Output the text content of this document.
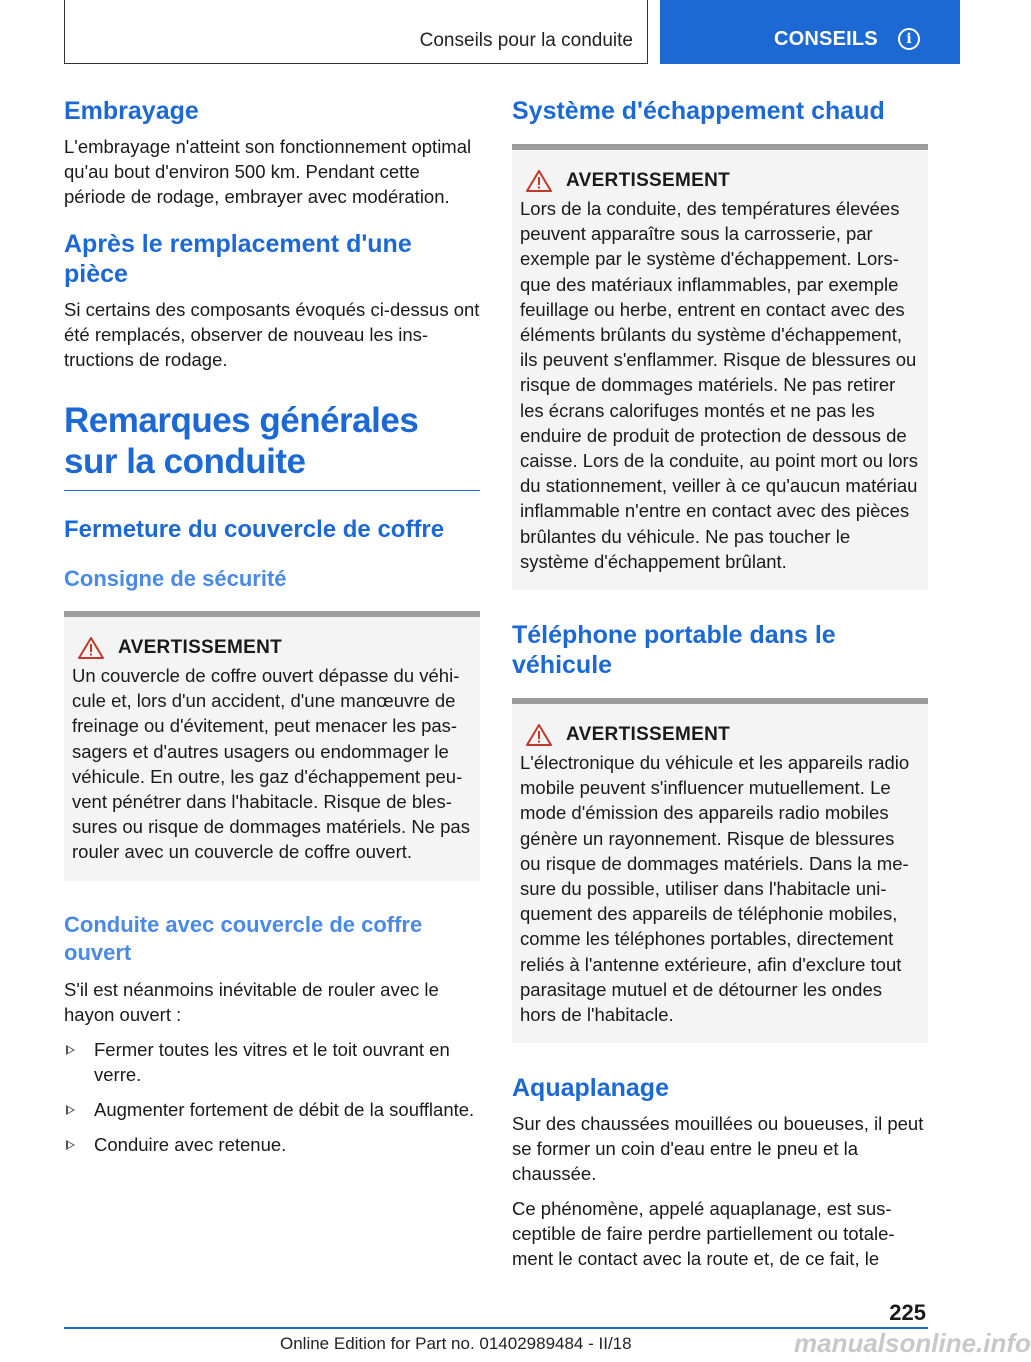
Conseils pour la conduite	CONSEILS	i
Embrayage

L'embrayage n'atteint son fonctionnement optimal qu'au bout d'environ 500 km. Pendant cette période de rodage, embrayer avec modération.

Après le remplacement d'une pièce

Si certains des composants évoqués ci-dessus ont été remplacés, observer de nouveau les instructions de rodage.

Remarques générales sur la conduite
Fermeture du couvercle de coffre
Consigne de sécurité
AVERTISSEMENT

Un couvercle de coffre ouvert dépasse du véhicule et, lors d'un accident, d'une manœuvre de freinage ou d'évitement, peut menacer les passagers et d'autres usagers ou endommager le véhicule. En outre, les gaz d'échappement peuvent pénétrer dans l'habitacle. Risque de blessures ou risque de dommages matériels. Ne pas rouler avec un couvercle de coffre ouvert.

Conduite avec couvercle de coffre ouvert

S'il est néanmoins inévitable de rouler avec le hayon ouvert :

Fermer toutes les vitres et le toit ouvrant en verre.
Augmenter fortement de débit de la soufflante.
Conduire avec retenue.
Système d'échappement chaud
AVERTISSEMENT

Lors de la conduite, des températures élevées peuvent apparaître sous la carrosserie, par exemple par le système d'échappement. Lorsque des matériaux inflammables, par exemple feuillage ou herbe, entrent en contact avec des éléments brûlants du système d'échappement, ils peuvent s'enflammer. Risque de blessures ou risque de dommages matériels. Ne pas retirer les écrans calorifuges montés et ne pas les enduire de produit de protection de dessous de caisse. Lors de la conduite, au point mort ou lors du stationnement, veiller à ce qu'aucun matériau inflammable n'entre en contact avec des pièces brûlantes du véhicule. Ne pas toucher le système d'échappement brûlant.

Téléphone portable dans le véhicule
AVERTISSEMENT

L'électronique du véhicule et les appareils radio mobile peuvent s'influencer mutuellement. Le mode d'émission des appareils radio mobiles génère un rayonnement. Risque de blessures ou risque de dommages matériels. Dans la mesure du possible, utiliser dans l'habitacle uniquement des appareils de téléphonie mobiles, comme les téléphones portables, directement reliés à l'antenne extérieure, afin d'exclure tout parasitage mutuel et de détourner les ondes hors de l'habitacle.

Aquaplanage

Sur des chaussées mouillées ou boueuses, il peut se former un coin d'eau entre le pneu et la chaussée.

Ce phénomène, appelé aquaplanage, est susceptible de faire perdre partiellement ou totalement le contact avec la route et, de ce fait, le

225
Online Edition for Part no. 01402989484 - II/18	manualsonline.info
